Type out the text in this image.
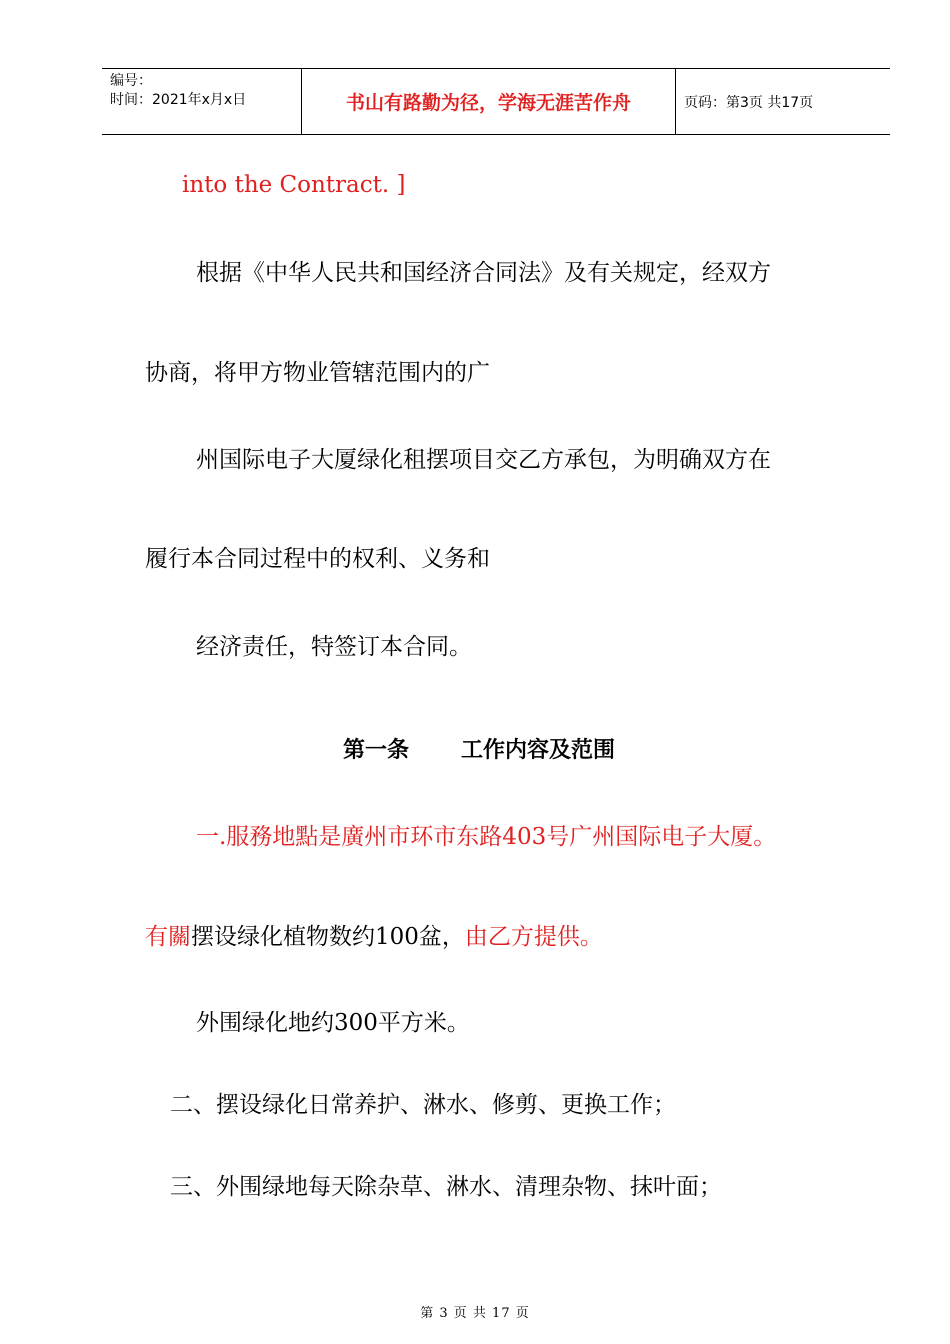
编号：
时间：2021年x月x日	书山有路勤为径，学海无涯苦作舟	页码：第3页 共17页
into the Contract. ]
根据《中华人民共和国经济合同法》及有关规定，经双方
协商，将甲方物业管辖范围内的广
州国际电子大厦绿化租摆项目交乙方承包，为明确双方在
履行本合同过程中的权利、义务和
经济责任，特签订本合同。
第一条 工作内容及范围
一.服務地點是廣州市环市东路403号广州国际电子大厦。
有關摆设绿化植物数约100盆，由乙方提供。
外围绿化地约300平方米。
二、摆设绿化日常养护、淋水、修剪、更换工作；
三、外围绿地每天除杂草、淋水、清理杂物、抹叶面；
第 3 页 共 17 页
